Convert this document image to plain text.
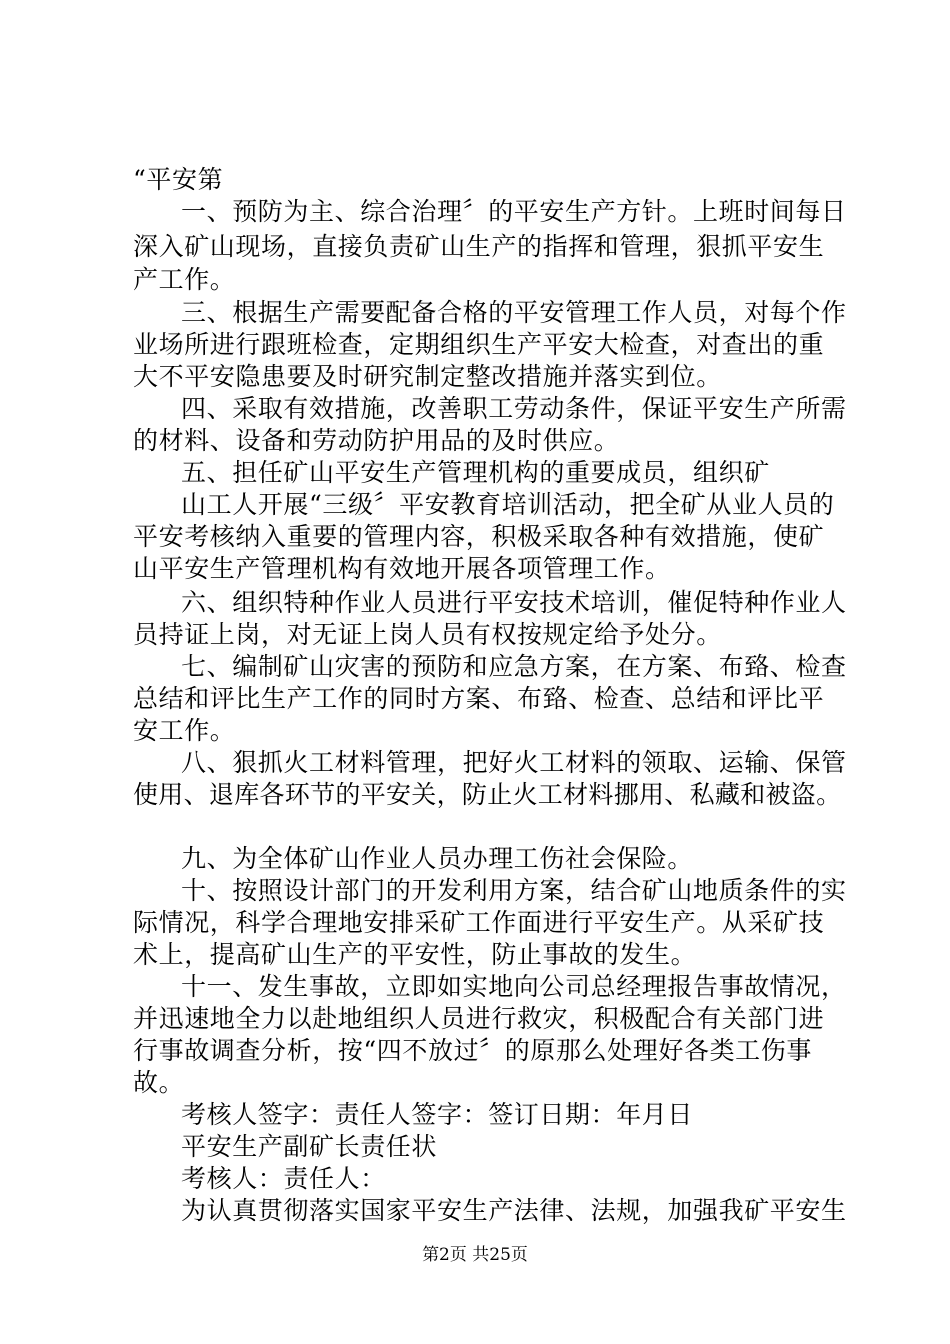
“平安第

一、预防为主、综合治理〞的平安生产方针。上班时间每日

深入矿山现场，直接负责矿山生产的指挥和管理，狠抓平安生

产工作。

三、根据生产需要配备合格的平安管理工作人员，对每个作

业场所进行跟班检查，定期组织生产平安大检查，对查出的重

大不平安隐患要及时研究制定整改措施并落实到位。

四、采取有效措施，改善职工劳动条件，保证平安生产所需

的材料、设备和劳动防护用品的及时供应。

五、担任矿山平安生产管理机构的重要成员，组织矿

山工人开展“三级〞平安教育培训活动，把全矿从业人员的

平安考核纳入重要的管理内容，积极采取各种有效措施，使矿

山平安生产管理机构有效地开展各项管理工作。

六、组织特种作业人员进行平安技术培训，催促特种作业人

员持证上岗，对无证上岗人员有权按规定给予处分。

七、编制矿山灾害的预防和应急方案，在方案、布臵、检查

总结和评比生产工作的同时方案、布臵、检查、总结和评比平

安工作。

八、狠抓火工材料管理，把好火工材料的领取、运输、保管

使用、退库各环节的平安关，防止火工材料挪用、私藏和被盗。

九、为全体矿山作业人员办理工伤社会保险。

十、按照设计部门的开发利用方案，结合矿山地质条件的实

际情况，科学合理地安排采矿工作面进行平安生产。从采矿技

术上，提高矿山生产的平安性，防止事故的发生。

十一、发生事故，立即如实地向公司总经理报告事故情况，

并迅速地全力以赴地组织人员进行救灾，积极配合有关部门进

行事故调查分析，按“四不放过〞的原那么处理好各类工伤事

故。

考核人签字：责任人签字：签订日期：年月日

平安生产副矿长责任状

考核人：责任人：

为认真贯彻落实国家平安生产法律、法规，加强我矿平安生

第2页 共25页
